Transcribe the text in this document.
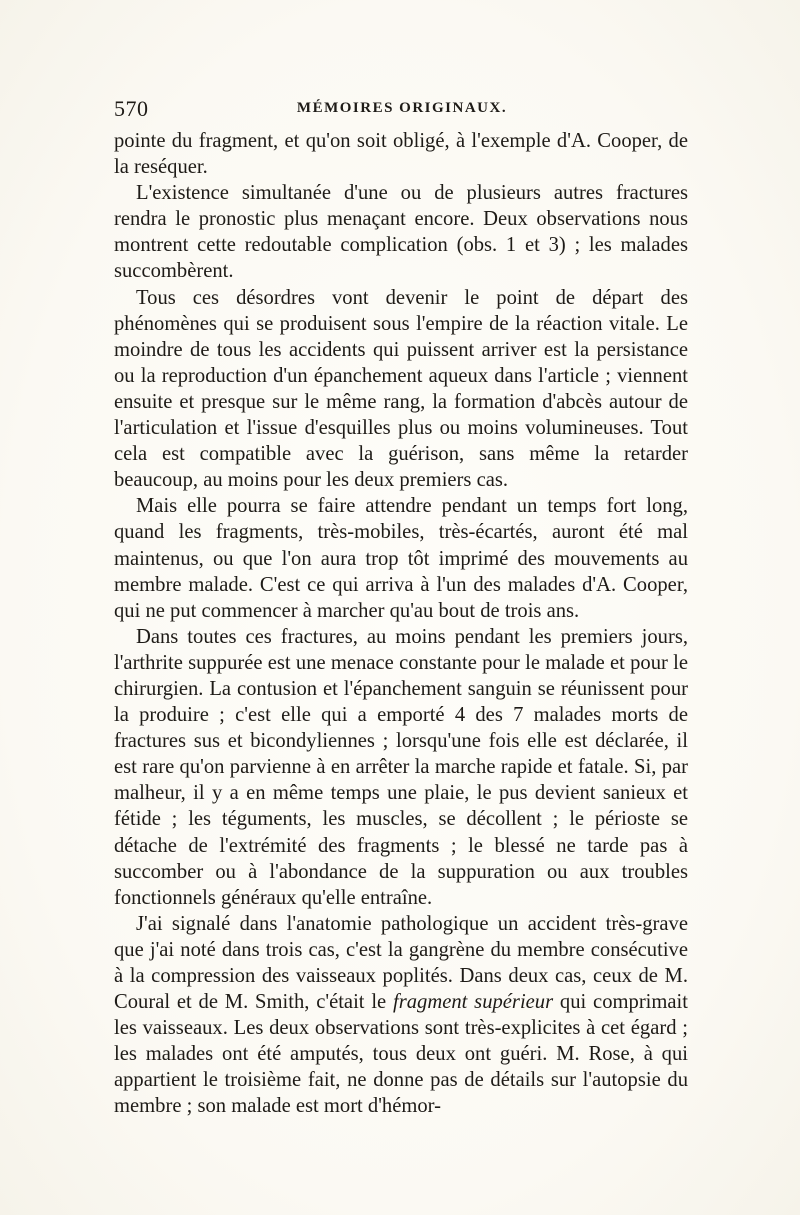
570	MÉMOIRES ORIGINAUX.

pointe du fragment, et qu'on soit obligé, à l'exemple d'A. Cooper, de la reséquer.

L'existence simultanée d'une ou de plusieurs autres fractures rendra le pronostic plus menaçant encore. Deux observations nous montrent cette redoutable complication (obs. 1 et 3) ; les malades succombèrent.

Tous ces désordres vont devenir le point de départ des phénomènes qui se produisent sous l'empire de la réaction vitale. Le moindre de tous les accidents qui puissent arriver est la persistance ou la reproduction d'un épanchement aqueux dans l'article ; viennent ensuite et presque sur le même rang, la formation d'abcès autour de l'articulation et l'issue d'esquilles plus ou moins volumineuses. Tout cela est compatible avec la guérison, sans même la retarder beaucoup, au moins pour les deux premiers cas.

Mais elle pourra se faire attendre pendant un temps fort long, quand les fragments, très-mobiles, très-écartés, auront été mal maintenus, ou que l'on aura trop tôt imprimé des mouvements au membre malade. C'est ce qui arriva à l'un des malades d'A. Cooper, qui ne put commencer à marcher qu'au bout de trois ans.

Dans toutes ces fractures, au moins pendant les premiers jours, l'arthrite suppurée est une menace constante pour le malade et pour le chirurgien. La contusion et l'épanchement sanguin se réunissent pour la produire ; c'est elle qui a emporté 4 des 7 malades morts de fractures sus et bicondyliennes ; lorsqu'une fois elle est déclarée, il est rare qu'on parvienne à en arrêter la marche rapide et fatale. Si, par malheur, il y a en même temps une plaie, le pus devient sanieux et fétide ; les téguments, les muscles, se décollent ; le périoste se détache de l'extrémité des fragments ; le blessé ne tarde pas à succomber ou à l'abondance de la suppuration ou aux troubles fonctionnels généraux qu'elle entraîne.

J'ai signalé dans l'anatomie pathologique un accident très-grave que j'ai noté dans trois cas, c'est la gangrène du membre consécutive à la compression des vaisseaux poplités. Dans deux cas, ceux de M. Coural et de M. Smith, c'était le fragment supérieur qui comprimait les vaisseaux. Les deux observations sont très-explicites à cet égard ; les malades ont été amputés, tous deux ont guéri. M. Rose, à qui appartient le troisième fait, ne donne pas de détails sur l'autopsie du membre ; son malade est mort d'hémor-
